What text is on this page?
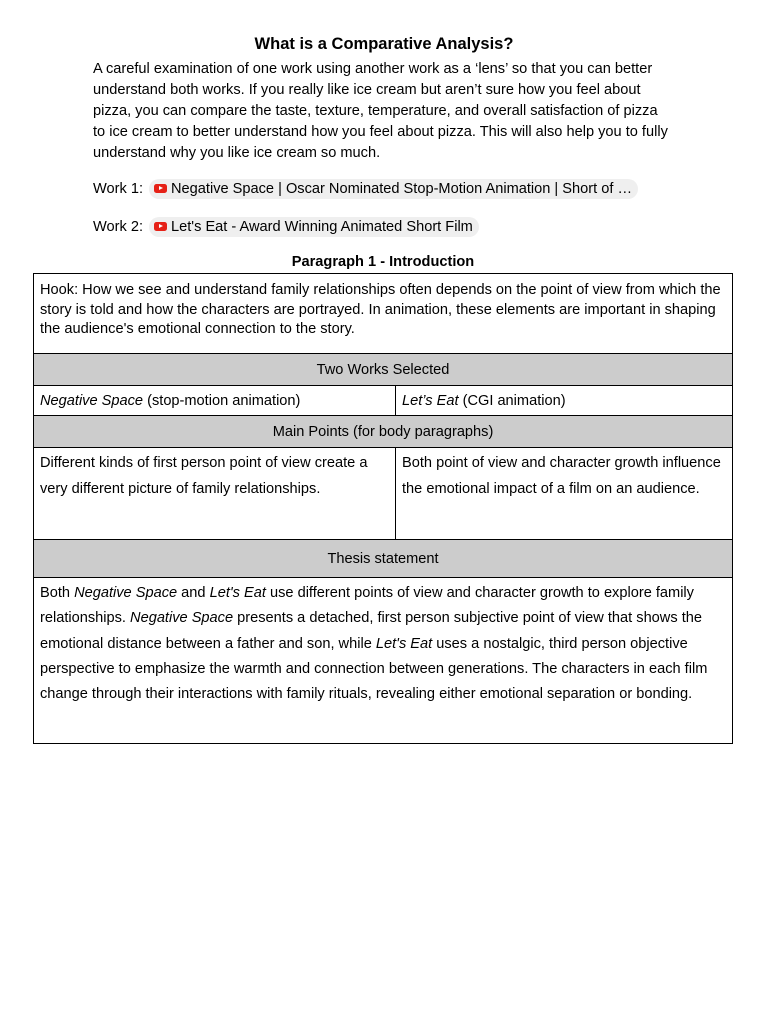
What is a Comparative Analysis?
A careful examination of one work using another work as a ‘lens’ so that you can better understand both works. If you really like ice cream but aren’t sure how you feel about pizza, you can compare the taste, texture, temperature, and overall satisfaction of pizza to ice cream to better understand how you feel about pizza. This will also help you to fully understand why you like ice cream so much.
Work 1: Negative Space | Oscar Nominated Stop-Motion Animation | Short of …
Work 2: Let's Eat - Award Winning Animated Short Film
Paragraph 1 - Introduction
Hook: How we see and understand family relationships often depends on the point of view from which the story is told and how the characters are portrayed. In animation, these elements are important in shaping the audience's emotional connection to the story.	
Two Works Selected	
Negative Space (stop-motion animation)	Let’s Eat (CGI animation)
Main Points (for body paragraphs)	
Different kinds of first person point of view create a very different picture of family relationships.	Both point of view and character growth influence the emotional impact of a film on an audience.
Thesis statement	
Both Negative Space and Let's Eat use different points of view and character growth to explore family relationships. Negative Space presents a detached, first person subjective point of view that shows the emotional distance between a father and son, while Let's Eat uses a nostalgic, third person objective perspective to emphasize the warmth and connection between generations. The characters in each film change through their interactions with family rituals, revealing either emotional separation or bonding.	
